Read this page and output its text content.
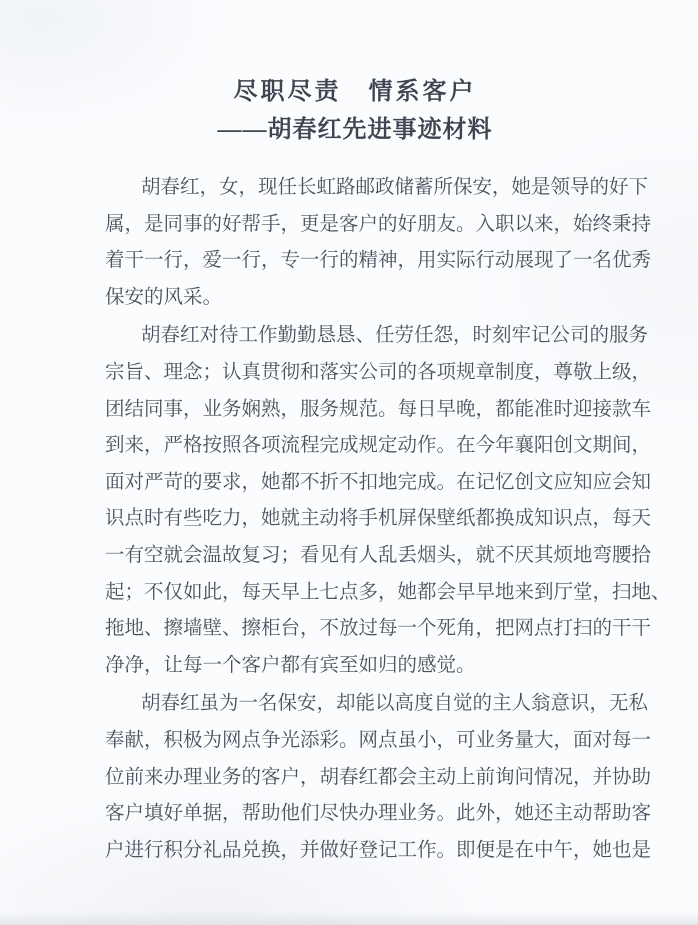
尽职尽责　情系客户
——胡春红先进事迹材料
胡春红，女，现任长虹路邮政储蓄所保安，她是领导的好下
属，是同事的好帮手，更是客户的好朋友。入职以来，始终秉持
着干一行，爱一行，专一行的精神，用实际行动展现了一名优秀
保安的风采。
胡春红对待工作勤勤恳恳、任劳任怨，时刻牢记公司的服务
宗旨、理念；认真贯彻和落实公司的各项规章制度，尊敬上级，
团结同事，业务娴熟，服务规范。每日早晚，都能准时迎接款车
到来，严格按照各项流程完成规定动作。在今年襄阳创文期间，
面对严苛的要求，她都不折不扣地完成。在记忆创文应知应会知
识点时有些吃力，她就主动将手机屏保壁纸都换成知识点，每天
一有空就会温故复习；看见有人乱丢烟头，就不厌其烦地弯腰拾
起；不仅如此，每天早上七点多，她都会早早地来到厅堂，扫地、
拖地、擦墙壁、擦柜台，不放过每一个死角，把网点打扫的干干
净净，让每一个客户都有宾至如归的感觉。
胡春红虽为一名保安，却能以高度自觉的主人翁意识，无私
奉献，积极为网点争光添彩。网点虽小，可业务量大，面对每一
位前来办理业务的客户，胡春红都会主动上前询问情况，并协助
客户填好单据，帮助他们尽快办理业务。此外，她还主动帮助客
户进行积分礼品兑换，并做好登记工作。即便是在中午，她也是
